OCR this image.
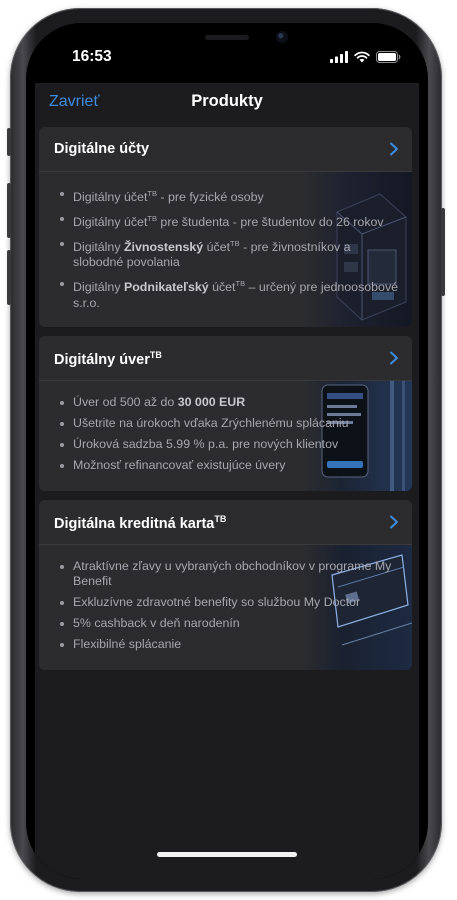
16:53
Zavrieť	Produkty
Digitálne účty
Digitálny účet$^{TB}$ - pre fyzické osoby
Digitálny účet$^{TB}$ pre študenta - pre študentov do 26 rokov
Digitálny Živnostenský účet$^{TB}$ - pre živnostníkov a slobodné povolania
Digitálny Podnikateľský účet$^{TB}$ – určený pre jednoosobové s.r.o.
Digitálny úver$^{TB}$
Úver od 500 až do 30 000 EUR
Ušetrite na úrokoch vďaka Zrýchlenému splácaniu
Úroková sadzba 5.99 % p.a. pre nových klientov
Možnosť refinancovať existujúce úvery
Digitálna kreditná karta$^{TB}$
Atraktívne zľavy u vybraných obchodníkov v programe My Benefit
Exkluzívne zdravotné benefity so službou My Doctor
5% cashback v deň narodenín
Flexibilné splácanie
